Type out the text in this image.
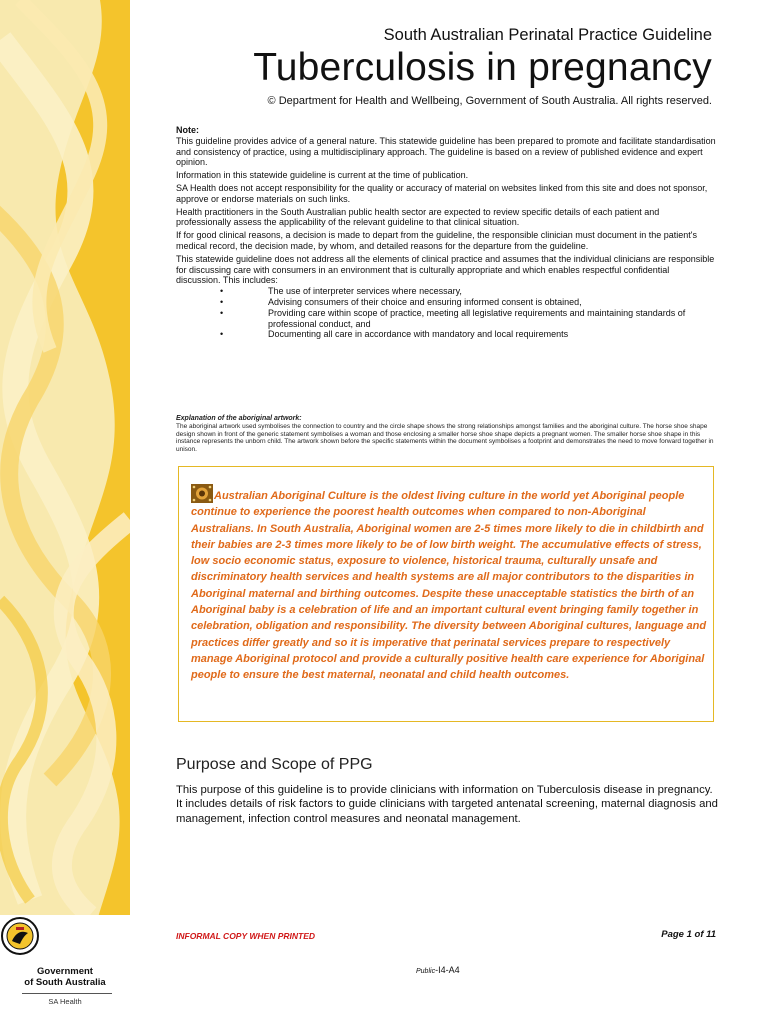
Government
of South Australia
SA Health
South Australian Perinatal Practice Guideline
Tuberculosis in pregnancy
© Department for Health and Wellbeing, Government of South Australia. All rights reserved.
Note:

This guideline provides advice of a general nature. This statewide guideline has been prepared to promote and facilitate standardisation and consistency of practice, using a multidisciplinary approach. The guideline is based on a review of published evidence and expert opinion.

Information in this statewide guideline is current at the time of publication.

SA Health does not accept responsibility for the quality or accuracy of material on websites linked from this site and does not sponsor, approve or endorse materials on such links.

Health practitioners in the South Australian public health sector are expected to review specific details of each patient and professionally assess the applicability of the relevant guideline to that clinical situation.

If for good clinical reasons, a decision is made to depart from the guideline, the responsible clinician must document in the patient's medical record, the decision made, by whom, and detailed reasons for the departure from the guideline.

This statewide guideline does not address all the elements of clinical practice and assumes that the individual clinicians are responsible for discussing care with consumers in an environment that is culturally appropriate and which enables respectful confidential discussion. This includes:

•	The use of interpreter services where necessary,
•	Advising consumers of their choice and ensuring informed consent is obtained,
•	Providing care within scope of practice, meeting all legislative requirements and maintaining standards of professional conduct, and
•	Documenting all care in accordance with mandatory and local requirements
Explanation of the aboriginal artwork:
The aboriginal artwork used symbolises the connection to country and the circle shape shows the strong relationships amongst families and the aboriginal culture. The horse shoe shape design shown in front of the generic statement symbolises a woman and those enclosing a smaller horse shoe shape depicts a pregnant women. The smaller horse shoe shape in this instance represents the unborn child. The artwork shown before the specific statements within the document symbolises a footprint and demonstrates the need to move forward together in unison.
Australian Aboriginal Culture is the oldest living culture in the world yet Aboriginal people continue to experience the poorest health outcomes when compared to non-Aboriginal Australians. In South Australia, Aboriginal women are 2-5 times more likely to die in childbirth and their babies are 2-3 times more likely to be of low birth weight. The accumulative effects of stress, low socio economic status, exposure to violence, historical trauma, culturally unsafe and discriminatory health services and health systems are all major contributors to the disparities in Aboriginal maternal and birthing outcomes. Despite these unacceptable statistics the birth of an Aboriginal baby is a celebration of life and an important cultural event bringing family together in celebration, obligation and responsibility. The diversity between Aboriginal cultures, language and practices differ greatly and so it is imperative that perinatal services prepare to respectively manage Aboriginal protocol and provide a culturally positive health care experience for Aboriginal people to ensure the best maternal, neonatal and child health outcomes.
Purpose and Scope of PPG
This purpose of this guideline is to provide clinicians with information on Tuberculosis disease in pregnancy. It includes details of risk factors to guide clinicians with targeted antenatal screening, maternal diagnosis and management, infection control measures and neonatal management.
INFORMAL COPY WHEN PRINTED	Page 1 of 11
Public-I4-A4
